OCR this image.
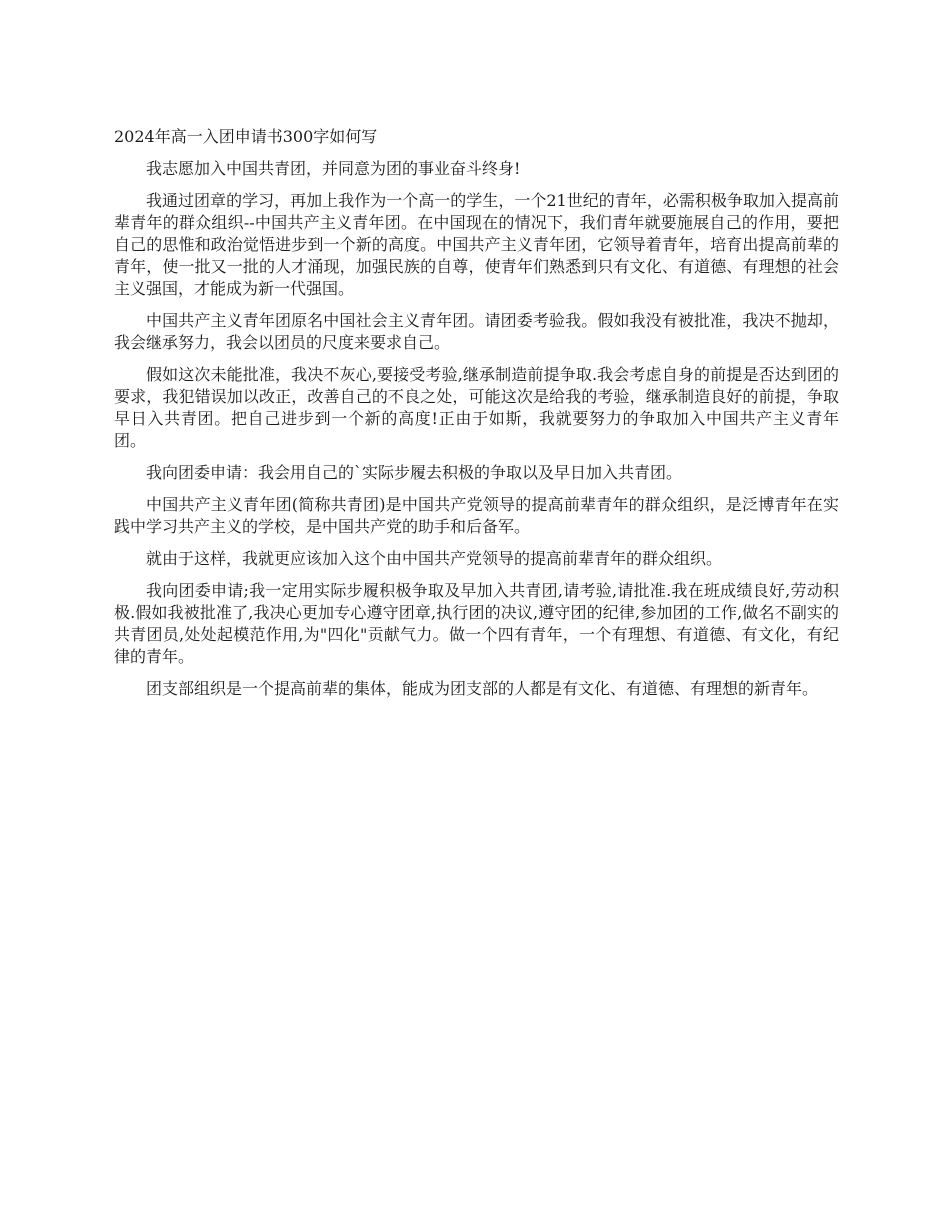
2024年高一入团申请书300字如何写

我志愿加入中国共青团，并同意为团的事业奋斗终身!

我通过团章的学习，再加上我作为一个高一的学生，一个21世纪的青年，必需积极争取加入提高前辈青年的群众组织--中国共产主义青年团。在中国现在的情况下，我们青年就要施展自己的作用，要把自己的思惟和政治觉悟进步到一个新的高度。中国共产主义青年团，它领导着青年，培育出提高前辈的青年，使一批又一批的人才涌现，加强民族的自尊，使青年们熟悉到只有文化、有道德、有理想的社会主义强国，才能成为新一代强国。

中国共产主义青年团原名中国社会主义青年团。请团委考验我。假如我没有被批准，我决不抛却，我会继承努力，我会以团员的尺度来要求自己。

假如这次未能批准，我决不灰心,要接受考验,继承制造前提争取.我会考虑自身的前提是否达到团的要求，我犯错误加以改正，改善自己的不良之处，可能这次是给我的考验，继承制造良好的前提，争取早日入共青团。把自己进步到一个新的高度!正由于如斯，我就要努力的争取加入中国共产主义青年团。

我向团委申请：我会用自己的`实际步履去积极的争取以及早日加入共青团。

中国共产主义青年团(简称共青团)是中国共产党领导的提高前辈青年的群众组织，是泛博青年在实践中学习共产主义的学校，是中国共产党的助手和后备军。

就由于这样，我就更应该加入这个由中国共产党领导的提高前辈青年的群众组织。

我向团委申请;我一定用实际步履积极争取及早加入共青团,请考验,请批准.我在班成绩良好,劳动积极.假如我被批准了,我决心更加专心遵守团章,执行团的决议,遵守团的纪律,参加团的工作,做名不副实的共青团员,处处起模范作用,为"四化"贡献气力。做一个四有青年，一个有理想、有道德、有文化，有纪律的青年。

团支部组织是一个提高前辈的集体，能成为团支部的人都是有文化、有道德、有理想的新青年。
